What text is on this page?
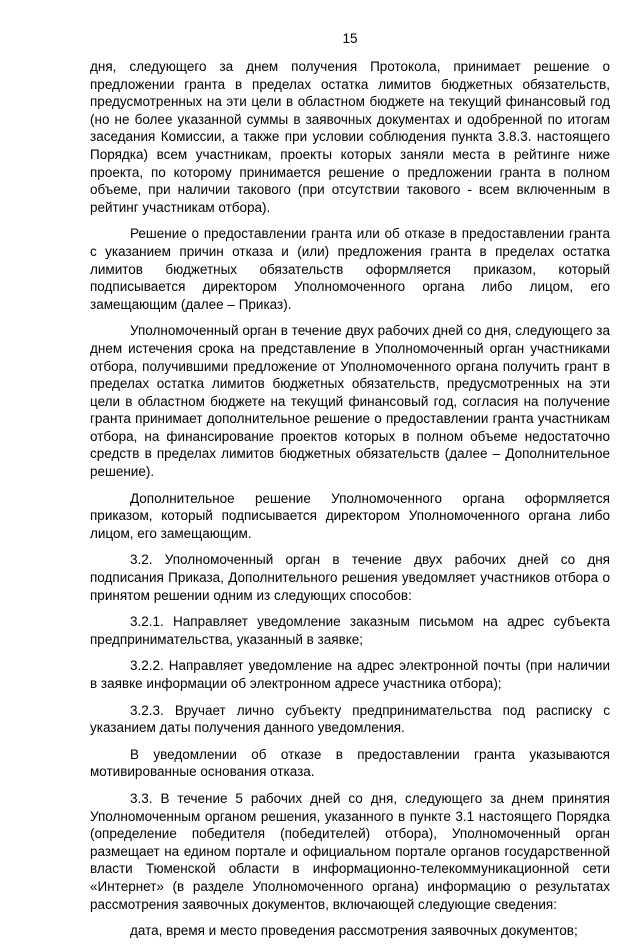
15

дня, следующего за днем получения Протокола, принимает решение о предложении гранта в пределах остатка лимитов бюджетных обязательств, предусмотренных на эти цели в областном бюджете на текущий финансовый год (но не более указанной суммы в заявочных документах и одобренной по итогам заседания Комиссии, а также при условии соблюдения пункта 3.8.3. настоящего Порядка) всем участникам, проекты которых заняли места в рейтинге ниже проекта, по которому принимается решение о предложении гранта в полном объеме, при наличии такового (при отсутствии такового - всем включенным в рейтинг участникам отбора).

Решение о предоставлении гранта или об отказе в предоставлении гранта с указанием причин отказа и (или) предложения гранта в пределах остатка лимитов бюджетных обязательств оформляется приказом, который подписывается директором Уполномоченного органа либо лицом, его замещающим (далее – Приказ).

Уполномоченный орган в течение двух рабочих дней со дня, следующего за днем истечения срока на представление в Уполномоченный орган участниками отбора, получившими предложение от Уполномоченного органа получить грант в пределах остатка лимитов бюджетных обязательств, предусмотренных на эти цели в областном бюджете на текущий финансовый год, согласия на получение гранта принимает дополнительное решение о предоставлении гранта участникам отбора, на финансирование проектов которых в полном объеме недостаточно средств в пределах лимитов бюджетных обязательств (далее – Дополнительное решение).

Дополнительное решение Уполномоченного органа оформляется приказом, который подписывается директором Уполномоченного органа либо лицом, его замещающим.

3.2. Уполномоченный орган в течение двух рабочих дней со дня подписания Приказа, Дополнительного решения уведомляет участников отбора о принятом решении одним из следующих способов:

3.2.1. Направляет уведомление заказным письмом на адрес субъекта предпринимательства, указанный в заявке;

3.2.2. Направляет уведомление на адрес электронной почты (при наличии в заявке информации об электронном адресе участника отбора);

3.2.3. Вручает лично субъекту предпринимательства под расписку с указанием даты получения данного уведомления.

В уведомлении об отказе в предоставлении гранта указываются мотивированные основания отказа.

3.3. В течение 5 рабочих дней со дня, следующего за днем принятия Уполномоченным органом решения, указанного в пункте 3.1 настоящего Порядка (определение победителя (победителей) отбора), Уполномоченный орган размещает на едином портале и официальном портале органов государственной власти Тюменской области в информационно-телекоммуникационной сети «Интернет» (в разделе Уполномоченного органа) информацию о результатах рассмотрения заявочных документов, включающей следующие сведения:

дата, время и место проведения рассмотрения заявочных документов;
